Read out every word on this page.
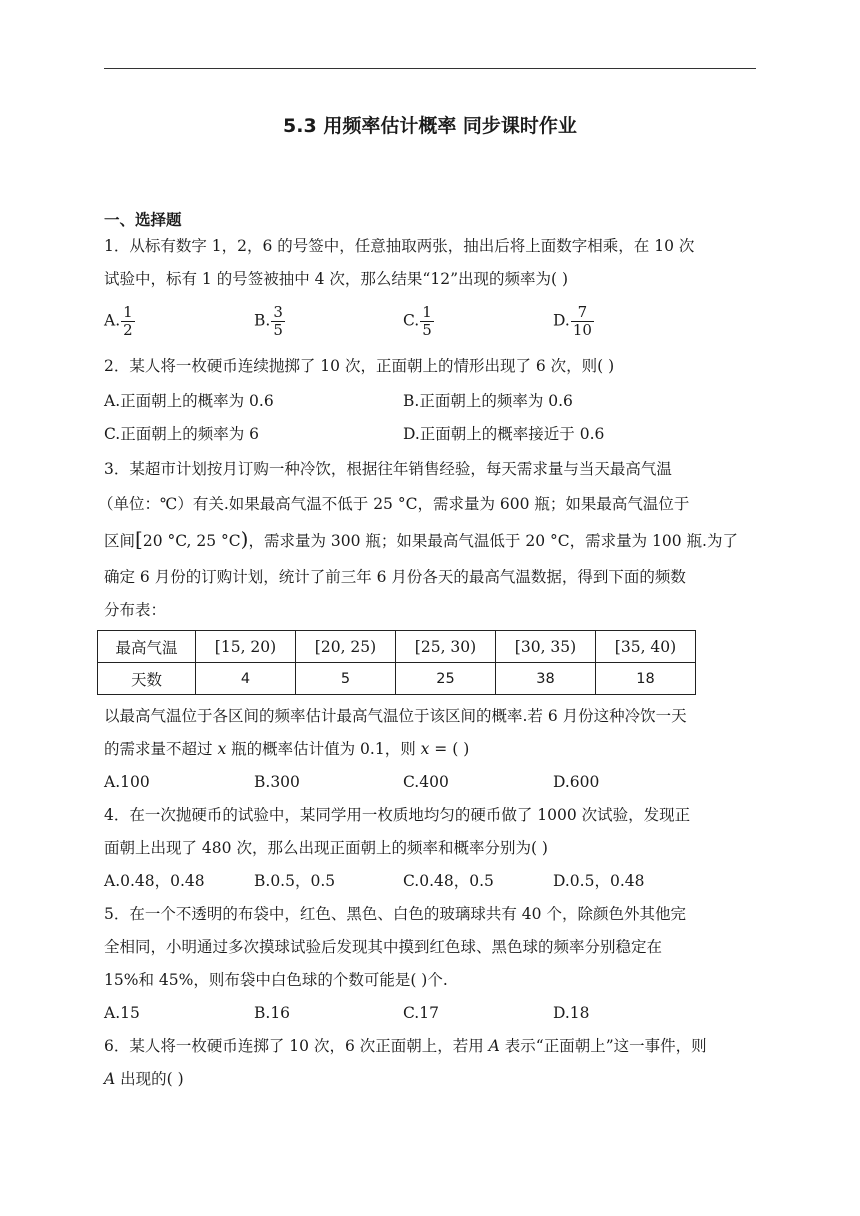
5.3 用频率估计概率 同步课时作业
一、选择题
1．从标有数字 1，2，6 的号签中，任意抽取两张，抽出后将上面数字相乘，在 10 次
试验中，标有 1 的号签被抽中 4 次，那么结果“12”出现的频率为( )
A. $\frac{1}{2}$	B. $\frac{3}{5}$	C. $\frac{1}{5}$	D. $\frac{7}{10}$
2．某人将一枚硬币连续抛掷了 10 次，正面朝上的情形出现了 6 次，则( )
A.正面朝上的概率为 0.6	B.正面朝上的频率为 0.6
C.正面朝上的频率为 6	D.正面朝上的概率接近于 0.6
3．某超市计划按月订购一种冷饮，根据往年销售经验，每天需求量与当天最高气温
（单位：℃）有关.如果最高气温不低于 25 °C，需求量为 600 瓶；如果最高气温位于
区间[20 °C, 25 °C)，需求量为 300 瓶；如果最高气温低于 20 °C，需求量为 100 瓶.为了
确定 6 月份的订购计划，统计了前三年 6 月份各天的最高气温数据，得到下面的频数
分布表：
最高气温	[15, 20)	[20, 25)	[25, 30)	[30, 35)	[35, 40)
天数	4	5	25	38	18
以最高气温位于各区间的频率估计最高气温位于该区间的概率.若 6 月份这种冷饮一天
的需求量不超过 x 瓶的概率估计值为 0.1，则 x = ( )
A.100	B.300	C.400	D.600
4．在一次抛硬币的试验中，某同学用一枚质地均匀的硬币做了 1000 次试验，发现正
面朝上出现了 480 次，那么出现正面朝上的频率和概率分别为( )
A.0.48，0.48	B.0.5，0.5	C.0.48，0.5	D.0.5，0.48
5．在一个不透明的布袋中，红色、黑色、白色的玻璃球共有 40 个，除颜色外其他完
全相同，小明通过多次摸球试验后发现其中摸到红色球、黑色球的频率分别稳定在
15%和 45%，则布袋中白色球的个数可能是( )个.
A.15	B.16	C.17	D.18
6．某人将一枚硬币连掷了 10 次，6 次正面朝上，若用 A 表示“正面朝上”这一事件，则
A 出现的( )
